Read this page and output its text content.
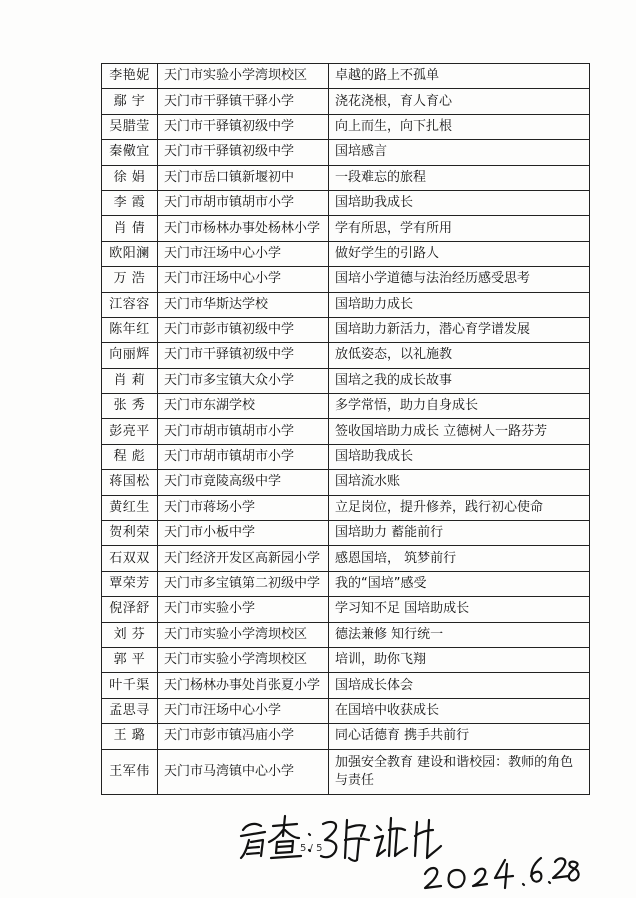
李艳妮	天门市实验小学湾坝校区	卓越的路上不孤单
鄢 宇	天门市干驿镇干驿小学	浇花浇根，育人育心
吴腊莹	天门市干驿镇初级中学	向上而生，向下扎根
秦儆宜	天门市干驿镇初级中学	国培感言
徐 娟	天门市岳口镇新堰初中	一段难忘的旅程
李 霞	天门市胡市镇胡市小学	国培助我成长
肖 倩	天门市杨林办事处杨林小学	学有所思，学有所用
欧阳澜	天门市汪场中心小学	做好学生的引路人
万 浩	天门市汪场中心小学	国培小学道德与法治经历感受思考
江容容	天门市华斯达学校	国培助力成长
陈年红	天门市彭市镇初级中学	国培助力新活力，潜心育学谱发展
向丽辉	天门市干驿镇初级中学	放低姿态，以礼施教
肖 莉	天门市多宝镇大众小学	国培之我的成长故事
张 秀	天门市东湖学校	多学常悟，助力自身成长
彭亮平	天门市胡市镇胡市小学	签收国培助力成长 立德树人一路芬芳
程 彪	天门市胡市镇胡市小学	国培助我成长
蒋国松	天门市竟陵高级中学	国培流水账
黄红生	天门市蒋场小学	立足岗位，提升修养，践行初心使命
贺利荣	天门市小板中学	国培助力 蓄能前行
石双双	天门经济开发区高新园小学	感恩国培， 筑梦前行
覃荣芳	天门市多宝镇第二初级中学	我的“国培”感受
倪泽舒	天门市实验小学	学习知不足 国培助成长
刘 芬	天门市实验小学湾坝校区	德法兼修 知行统一
郭 平	天门市实验小学湾坝校区	培训，助你飞翔
叶千渠	天门杨林办事处肖张夏小学	国培成长体会
孟思寻	天门市汪场中心小学	在国培中收获成长
王 璐	天门市彭市镇冯庙小学	同心话德育 携手共前行
王军伟	天门市马湾镇中心小学	加强安全教育 建设和谐校园：教师的角色与责任
5 / 5
